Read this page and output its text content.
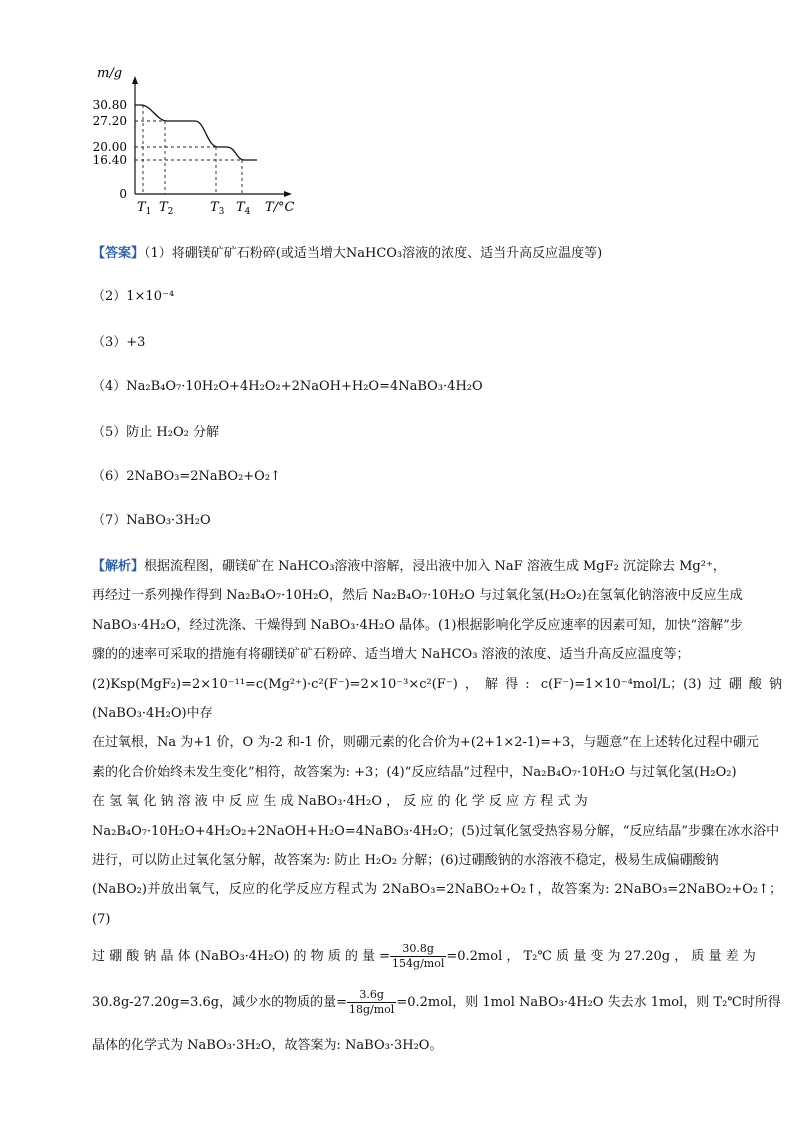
m/g
T/°C
30.80
27.20
20.00
16.40
0
$T_1$ $T_2$	$T_3$ $T_4$
【答案】（1）将硼镁矿矿石粉碎(或适当增大NaHCO₃溶液的浓度、适当升高反应温度等)
（2）1×10⁻⁴
（3）+3
（4）Na₂B₄O₇·10H₂O+4H₂O₂+2NaOH+H₂O=4NaBO₃·4H₂O
（5）防止 H₂O₂ 分解
（6）2NaBO₃=2NaBO₂+O₂↑
（7）NaBO₃·3H₂O

【解析】根据流程图，硼镁矿在 NaHCO₃溶液中溶解，浸出液中加入 NaF 溶液生成 MgF₂ 沉淀除去 Mg²⁺，

再经过一系列操作得到 Na₂B₄O₇·10H₂O，然后 Na₂B₄O₇·10H₂O 与过氧化氢(H₂O₂)在氢氧化钠溶液中反应生成

NaBO₃·4H₂O，经过洗涤、干燥得到 NaBO₃·4H₂O 晶体。(1)根据影响化学反应速率的因素可知，加快“溶解”步

骤的的速率可采取的措施有将硼镁矿矿石粉碎、适当增大 NaHCO₃ 溶液的浓度、适当升高反应温度等；

(2)Ksp(MgF₂)=2×10⁻¹¹=c(Mg²⁺)·c²(F⁻)=2×10⁻³×c²(F⁻)，解得: c(F⁻)=1×10⁻⁴mol/L；(3)过硼酸钠(NaBO₃·4H₂O)中存

在过氧根，Na 为+1 价，O 为-2 和-1 价，则硼元素的化合价为+(2+1×2-1)=+3，与题意“在上述转化过程中硼元

素的化合价始终未发生变化”相符，故答案为: +3；(4)“反应结晶”过程中，Na₂B₄O₇·10H₂O 与过氧化氢(H₂O₂)

在 氢 氧 化 钠 溶 液 中 反 应 生 成 NaBO₃·4H₂O ， 反 应 的 化 学 反 应 方 程 式 为

Na₂B₄O₇·10H₂O+4H₂O₂+2NaOH+H₂O=4NaBO₃·4H₂O；(5)过氧化氢受热容易分解，“反应结晶”步骤在冰水浴中

进行，可以防止过氧化氢分解，故答案为: 防止 H₂O₂ 分解；(6)过硼酸钠的水溶液不稳定，极易生成偏硼酸钠

(NaBO₂)并放出氧气，反应的化学反应方程式为 2NaBO₃=2NaBO₂+O₂↑，故答案为: 2NaBO₃=2NaBO₂+O₂↑；(7)

过 硼 酸 钠 晶 体 (NaBO₃·4H₂O) 的 物 质 的 量 = $\frac{30.8g}{\text{154g/mol}} =0.2mol$ ， T₂℃ 质 量 变 为 27.20g ， 质 量 差 为

30.8g-27.20g=3.6g，减少水的物质的量= $\frac{3.6g}{\text{18g/mol}} =0.2mol$，则 1mol NaBO₃·4H₂O 失去水 1mol，则 T₂℃时所得

晶体的化学式为 NaBO₃·3H₂O，故答案为: NaBO₃·3H₂O。
